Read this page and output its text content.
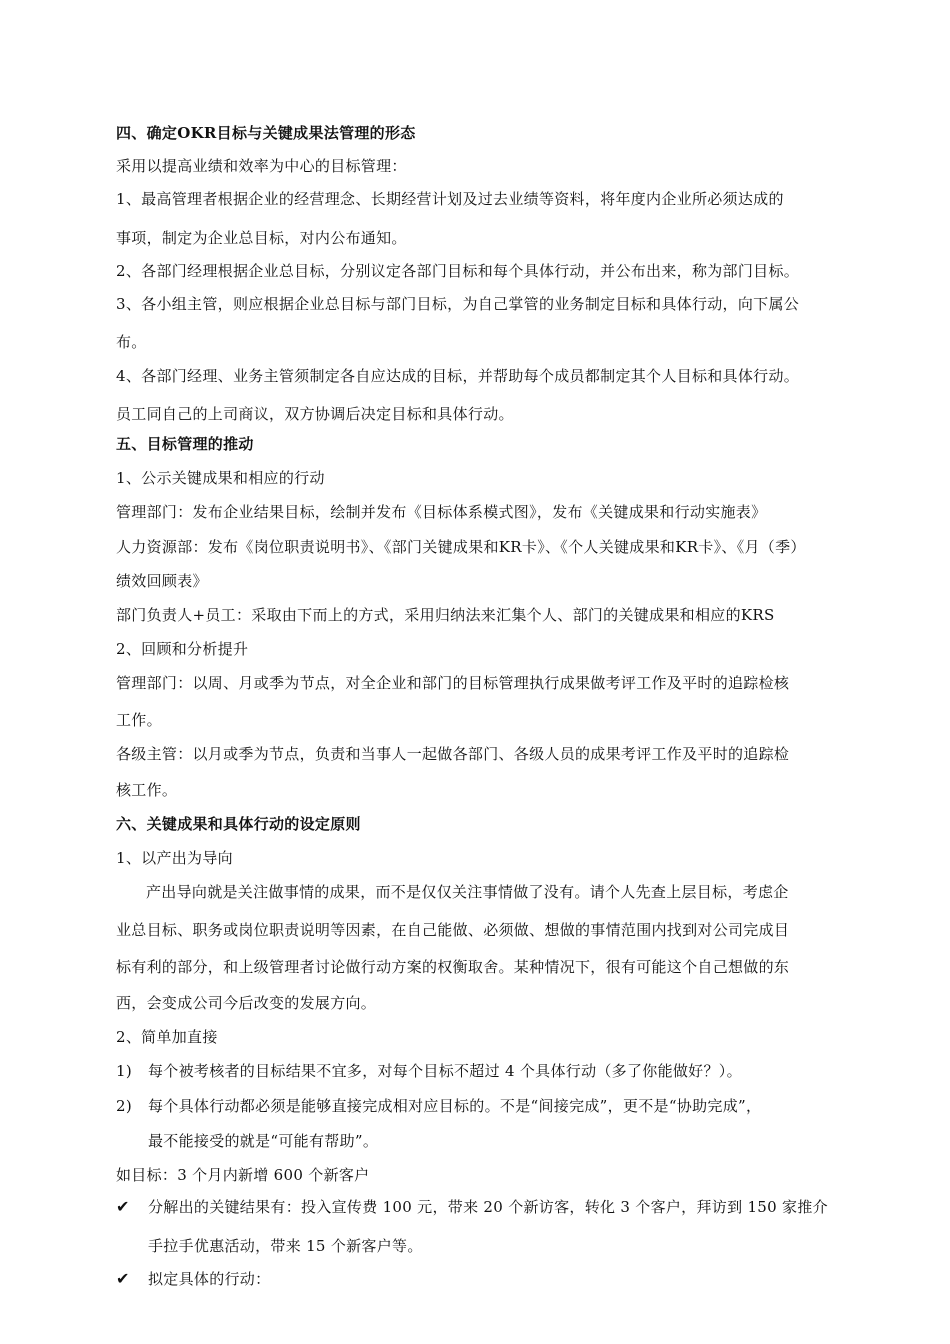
四、确定OKR目标与关键成果法管理的形态
采用以提高业绩和效率为中心的目标管理：
1、最高管理者根据企业的经营理念、长期经营计划及过去业绩等资料，将年度内企业所必须达成的
事项，制定为企业总目标，对内公布通知。
2、各部门经理根据企业总目标，分别议定各部门目标和每个具体行动，并公布出来，称为部门目标。
3、各小组主管，则应根据企业总目标与部门目标，为自己掌管的业务制定目标和具体行动，向下属公
布。
4、各部门经理、业务主管须制定各自应达成的目标，并帮助每个成员都制定其个人目标和具体行动。
员工同自己的上司商议，双方协调后决定目标和具体行动。
五、目标管理的推动
1、公示关键成果和相应的行动
管理部门：发布企业结果目标，绘制并发布《目标体系模式图》，发布《关键成果和行动实施表》
人力资源部：发布《岗位职责说明书》、《部门关键成果和KR卡》、《个人关键成果和KR卡》、《月（季）
绩效回顾表》
部门负责人+员工：采取由下而上的方式，采用归纳法来汇集个人、部门的关键成果和相应的KRS
2、回顾和分析提升
管理部门：以周、月或季为节点，对全企业和部门的目标管理执行成果做考评工作及平时的追踪检核
工作。
各级主管：以月或季为节点，负责和当事人一起做各部门、各级人员的成果考评工作及平时的追踪检
核工作。
六、关键成果和具体行动的设定原则
1、以产出为导向
产出导向就是关注做事情的成果，而不是仅仅关注事情做了没有。请个人先查上层目标，考虑企
业总目标、职务或岗位职责说明等因素，在自己能做、必须做、想做的事情范围内找到对公司完成目
标有利的部分，和上级管理者讨论做行动方案的权衡取舍。某种情况下，很有可能这个自己想做的东
西，会变成公司今后改变的发展方向。
2、简单加直接
1) 每个被考核者的目标结果不宜多，对每个目标不超过 4 个具体行动（多了你能做好？）。
2) 每个具体行动都必须是能够直接完成相对应目标的。不是“间接完成”，更不是“协助完成”，
最不能接受的就是“可能有帮助”。
如目标：3 个月内新增 600 个新客户
✔ 分解出的关键结果有：投入宣传费 100 元，带来 20 个新访客，转化 3 个客户，拜访到 150 家推介
手拉手优惠活动，带来 15 个新客户等。
✔ 拟定具体的行动：
